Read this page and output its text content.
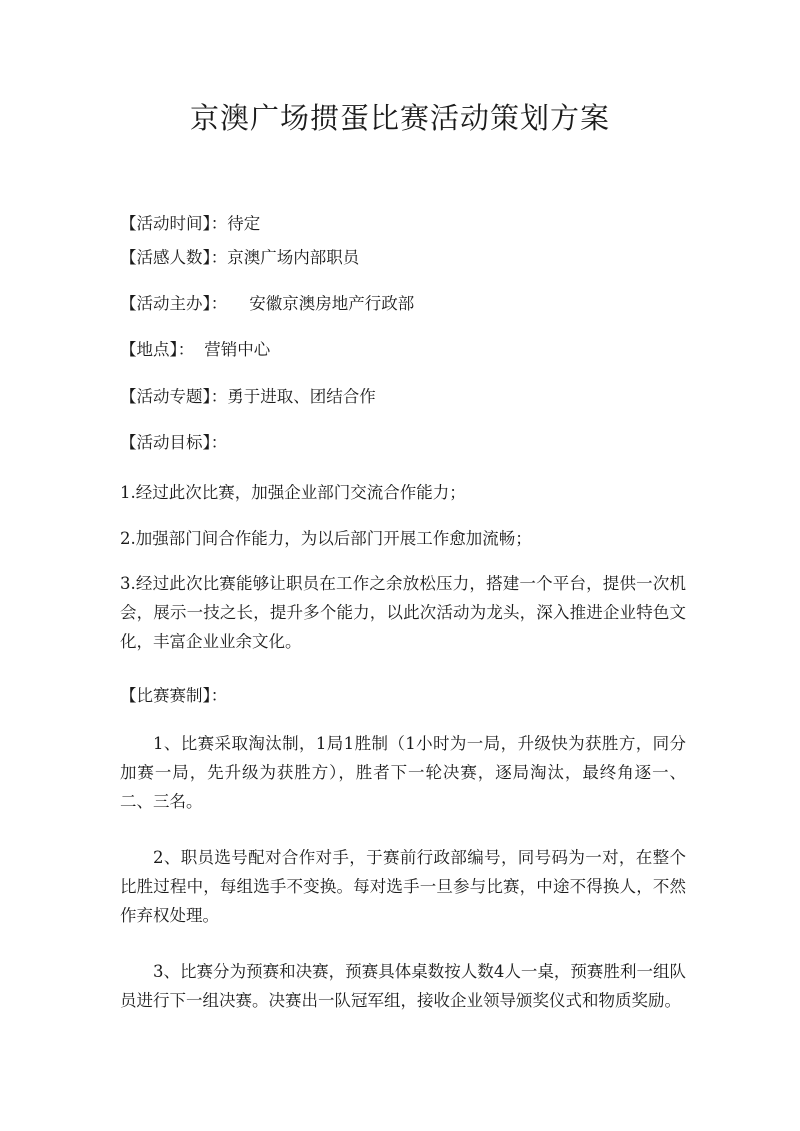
京澳广场掼蛋比赛活动策划方案

【活动时间】：待定

【活感人数】：京澳广场内部职员

【活动主办】： 安徽京澳房地产行政部

【地点】： 营销中心

【活动专题】：勇于进取、团结合作

【活动目标】：

1.经过此次比赛，加强企业部门交流合作能力；

2.加强部门间合作能力，为以后部门开展工作愈加流畅；

3.经过此次比赛能够让职员在工作之余放松压力，搭建一个平台，提供一次机会，展示一技之长，提升多个能力，以此次活动为龙头，深入推进企业特色文化，丰富企业业余文化。

【比赛赛制】：

1、比赛采取淘汰制，1局1胜制（1小时为一局，升级快为获胜方，同分加赛一局，先升级为获胜方），胜者下一轮决赛，逐局淘汰，最终角逐一、二、三名。

2、职员选号配对合作对手，于赛前行政部编号，同号码为一对，在整个比胜过程中，每组选手不变换。每对选手一旦参与比赛，中途不得换人，不然作弃权处理。

3、比赛分为预赛和决赛，预赛具体桌数按人数4人一桌，预赛胜利一组队员进行下一组决赛。决赛出一队冠军组，接收企业领导颁奖仪式和物质奖励。
